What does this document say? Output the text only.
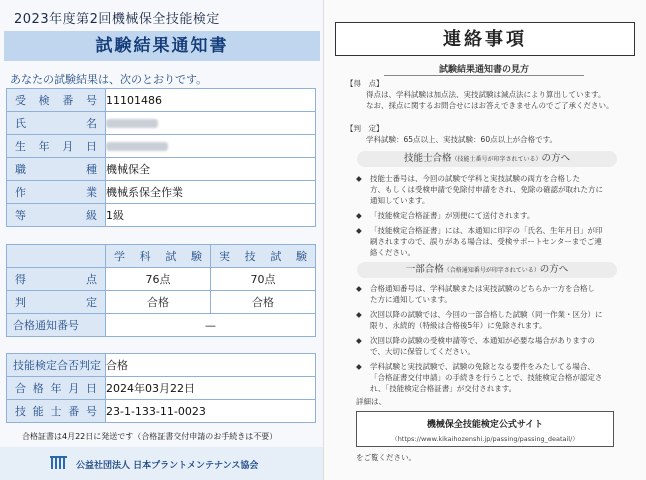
2023年度第2回機械保全技能検定
試験結果通知書
あなたの試験結果は、次のとおりです。
受 検 番 号	11101486

氏 名	

生 年 月 日	

職 種	機械保全

作 業	機械系保全作業

等 級	1級

	学 科 試 験	実 技 試 験

得 点	76点	70点

判 定	合格	合格
合格通知番号	—	
技能検定合否判定	合格

合 格 年 月 日	2024年03月22日

技 能 士 番 号	23-1-133-11-0023
合格証書は4月22日に発送です（合格証書交付申請のお手続きは不要）
公益社団法人 日本プラントメンテナンス協会
連絡事項
試験結果通知書の見方
【得　点】
得点は、学科試験は加点法、実技試験は減点法により算出しています。
なお、採点に関するお問合せにはお答えできませんのでご了承ください。
【判　定】
学科試験：65点以上、実技試験：60点以上が合格です。
技能士合格（技能士番号が印字されている）の方へ
◆ 技能士番号は、今回の試験で学科と実技試験の両方を合格した
方、もしくは受検申請で免除付申請をされ、免除の確認が取れた方に
通知しています。
◆ 「技能検定合格証書」が別便にて送付されます。
◆ 「技能検定合格証書」には、本通知に印字の「氏名、生年月日」が印
刷されますので、誤りがある場合は、受検サポートセンターまでご連
絡ください。
一部合格（合格通知番号が印字されている）の方へ
◆ 合格通知番号は、学科試験または実技試験のどちらか一方を合格し
た方に通知しています。
◆ 次回以降の試験では、今回の一部合格した試験（同一作業・区分）に
限り、永続的（特級は合格後5年）に免除されます。
◆ 次回以降の試験の受検申請等で、本通知が必要な場合がありますの
で、大切に保管してください。
◆ 学科試験と実技試験で、試験の免除となる要件をみたしてる場合、
「合格証書交付申請」の手続きを行うことで、技能検定合格が認定さ
れ、「技能検定合格証書」が交付されます。
詳細は、
機械保全技能検定公式サイト
（https://www.kikaihozenshi.jp/passing/passing_deatail/）
をご覧ください。
